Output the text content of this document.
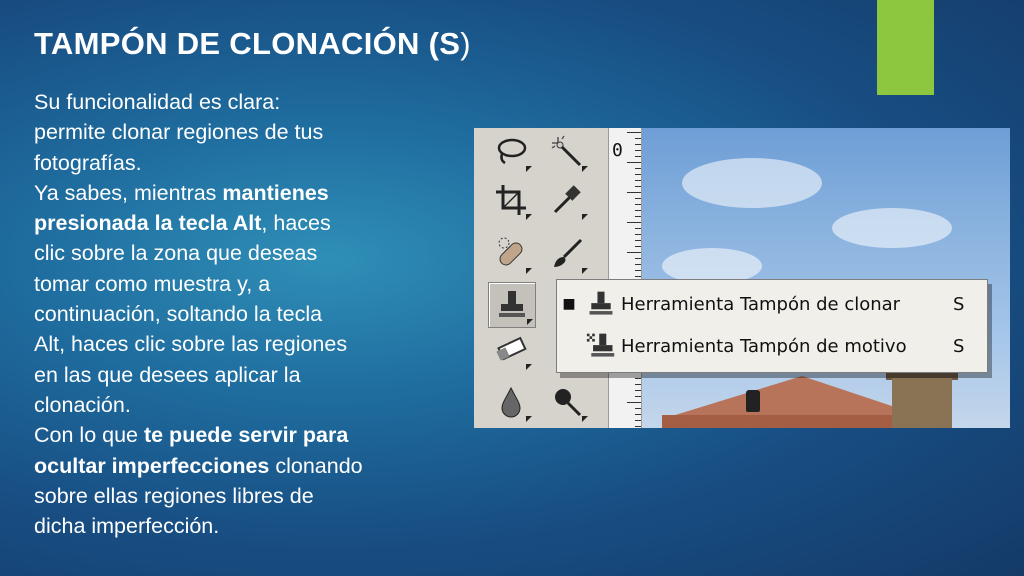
TAMPÓN DE CLONACIÓN (S)

Su funcionalidad es clara:
permite clonar regiones de tus
fotografías.

Ya sabes, mientras mantienes
presionada la tecla Alt, haces
clic sobre la zona que deseas
tomar como muestra y, a
continuación, soltando la tecla
Alt, haces clic sobre las regiones
en las que desees aplicar la
clonación.

Con lo que te puede servir para
ocultar imperfecciones clonando
sobre ellas regiones libres de
dicha imperfección.

0
■	Herramienta Tampón de clonar	S
Herramienta Tampón de motivo	S
